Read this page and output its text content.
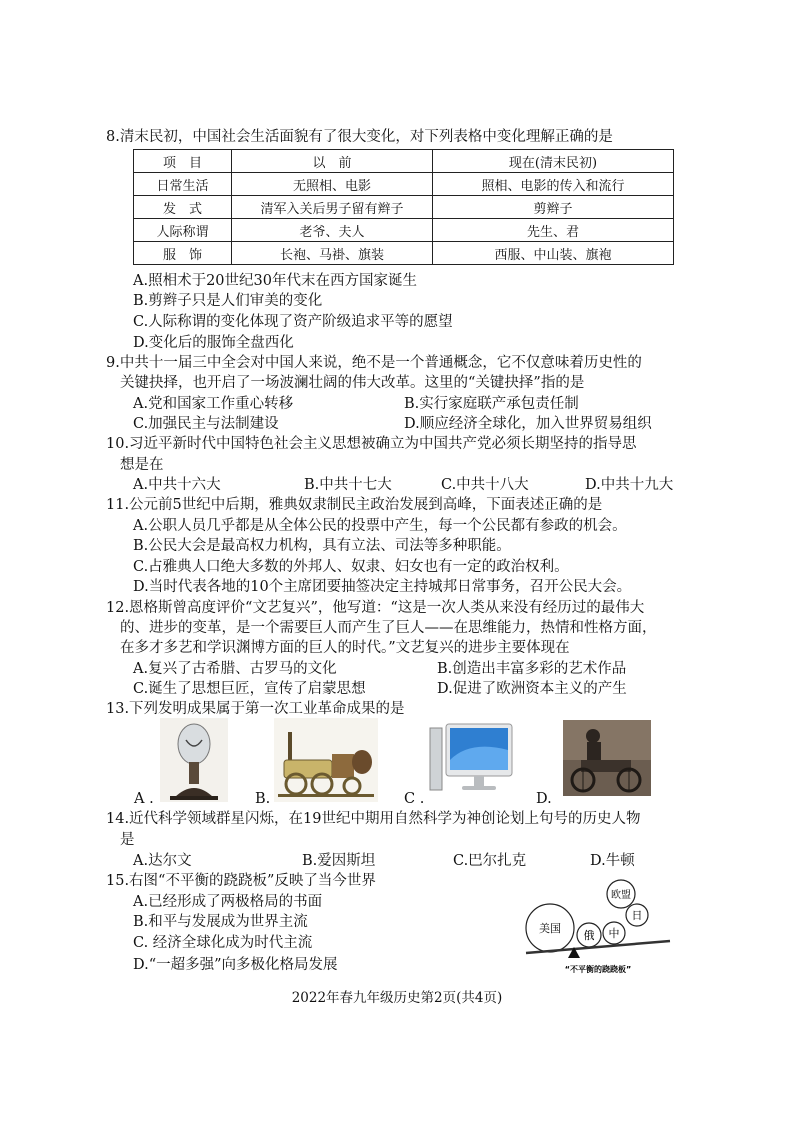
8.清末民初，中国社会生活面貌有了很大变化，对下列表格中变化理解正确的是
项　目	以　前	现在(清末民初)
日常生活	无照相、电影	照相、电影的传入和流行
发　式	清军入关后男子留有辫子	剪辫子
人际称谓	老爷、夫人	先生、君
服　饰	长袍、马褂、旗装	西服、中山装、旗袍
A.照相术于20世纪30年代末在西方国家诞生
B.剪辫子只是人们审美的变化
C.人际称谓的变化体现了资产阶级追求平等的愿望
D.变化后的服饰全盘西化
9.中共十一届三中全会对中国人来说，绝不是一个普通概念，它不仅意味着历史性的
关键抉择，也开启了一场波澜壮阔的伟大改革。这里的“关键抉择”指的是
A.党和国家工作重心转移	B.实行家庭联产承包责任制
C.加强民主与法制建设	D.顺应经济全球化，加入世界贸易组织
10.习近平新时代中国特色社会主义思想被确立为中国共产党必须长期坚持的指导思
想是在
A.中共十六大	B.中共十七大	C.中共十八大	D.中共十九大
11.公元前5世纪中后期，雅典奴隶制民主政治发展到高峰，下面表述正确的是
A.公职人员几乎都是从全体公民的投票中产生，每一个公民都有参政的机会。
B.公民大会是最高权力机构，具有立法、司法等多种职能。
C.占雅典人口绝大多数的外邦人、奴隶、妇女也有一定的政治权利。
D.当时代表各地的10个主席团要抽签决定主持城邦日常事务，召开公民大会。
12.恩格斯曾高度评价“文艺复兴”，他写道：“这是一次人类从来没有经历过的最伟大
的、进步的变革，是一个需要巨人而产生了巨人——在思维能力，热情和性格方面，
在多才多艺和学识渊博方面的巨人的时代。”文艺复兴的进步主要体现在
A.复兴了古希腊、古罗马的文化	B.创造出丰富多彩的艺术作品
C.诞生了思想巨匠，宣传了启蒙思想	D.促进了欧洲资本主义的产生
13.下列发明成果属于第一次工业革命成果的是
A .	B.	C .	D.
14.近代科学领域群星闪烁，在19世纪中期用自然科学为神创论划上句号的历史人物
是
A.达尔文	B.爱因斯坦	C.巴尔扎克	D.牛顿
15.右图“不平衡的跷跷板”反映了当今世界
A.已经形成了两极格局的书面
B.和平与发展成为世界主流
C. 经济全球化成为时代主流
D.“一超多强”向多极化格局发展
美国
俄 中
日
欧盟
“不平衡的跷跷板”
2022年春九年级历史第2页(共4页)
